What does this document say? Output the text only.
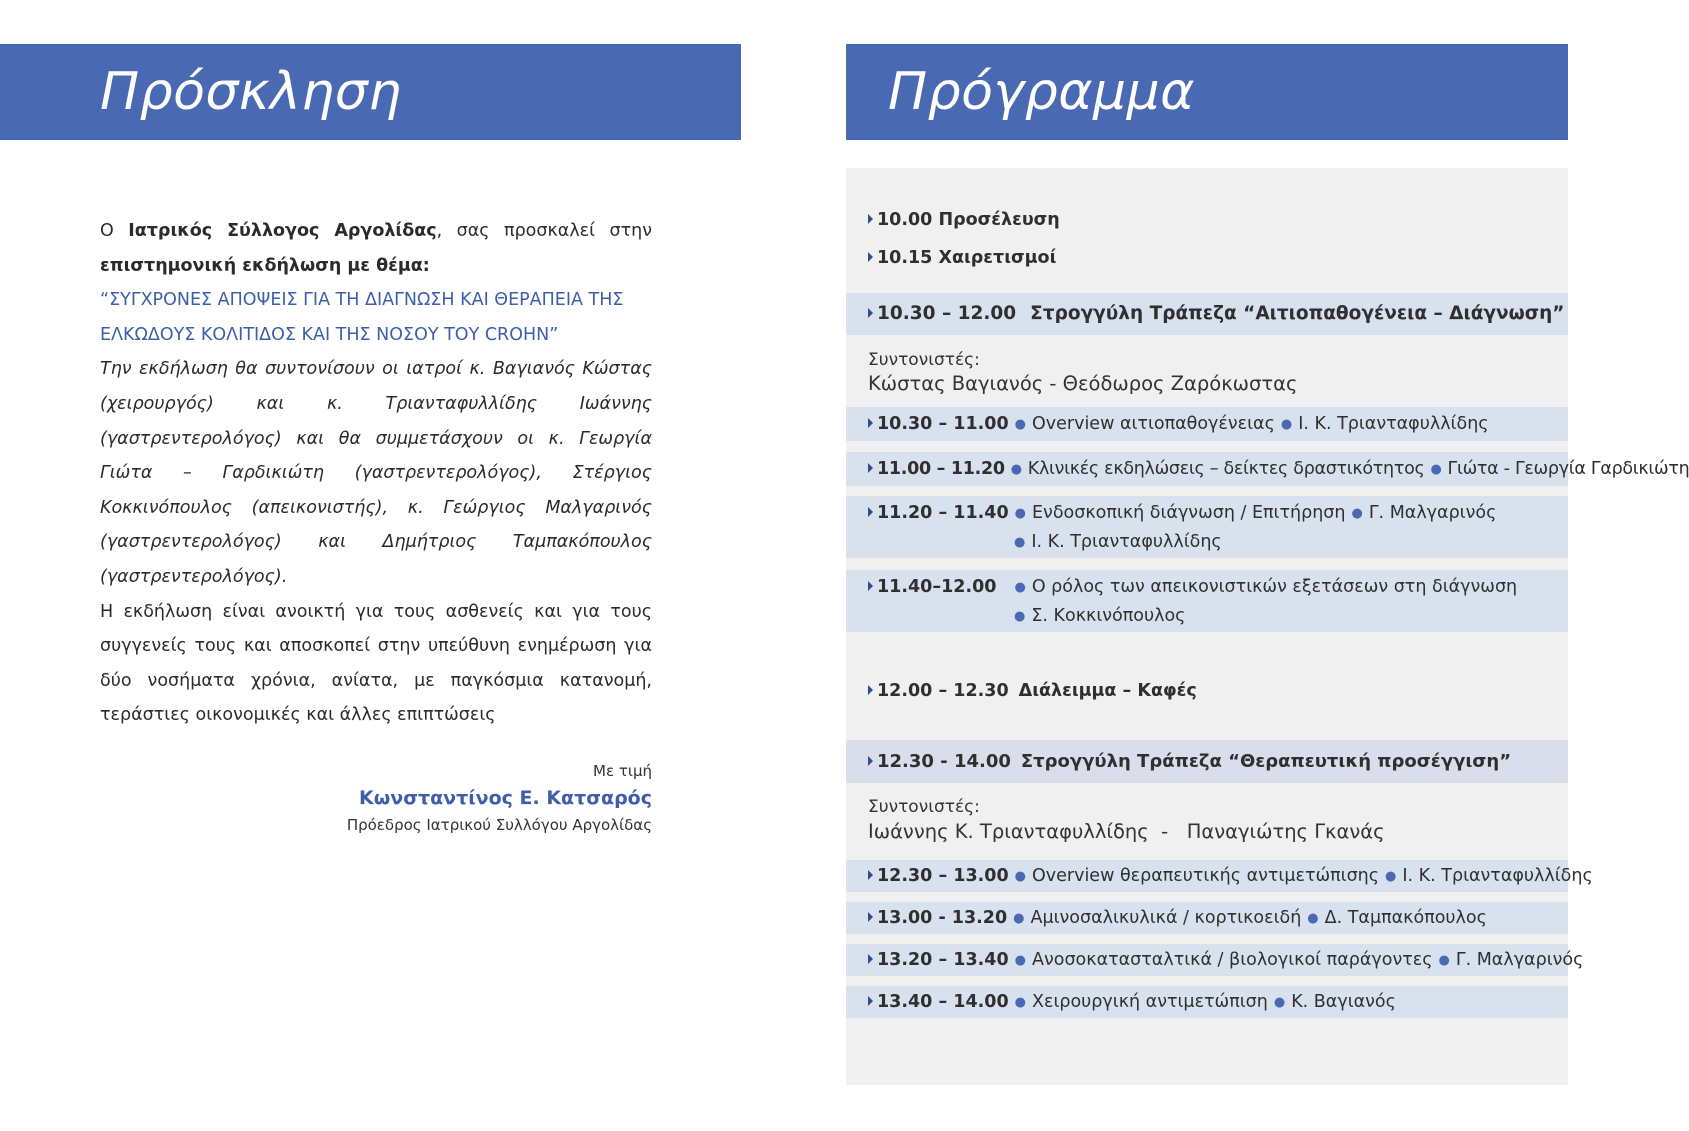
Πρόσκληση

Ο Ιατρικός Σύλλογος Αργολίδας, σας προσκαλεί στην επιστημονική εκδήλωση με θέμα:

“ΣΥΓΧΡΟΝΕΣ ΑΠΟΨΕΙΣ ΓΙΑ ΤΗ ΔΙΑΓΝΩΣΗ ΚΑΙ ΘΕΡΑΠΕΙΑ ΤΗΣ ΕΛΚΩΔΟΥΣ ΚΟΛΙΤΙΔΟΣ ΚΑΙ ΤΗΣ ΝΟΣΟΥ ΤΟΥ CROHN”

Την εκδήλωση θα συντονίσουν οι ιατροί κ. Βαγιανός Κώστας (χειρουργός) και κ. Τριανταφυλλίδης Ιωάννης (γαστρεντερολόγος) και θα συμμετάσχουν οι κ. Γεωργία Γιώτα – Γαρδικιώτη (γαστρεντερολόγος), Στέργιος Κοκκινόπουλος (απεικονιστής), κ. Γεώργιος Μαλγαρινός (γαστρεντερολόγος) και Δημήτριος Ταμπακόπουλος (γαστρεντερολόγος).

Η εκδήλωση είναι ανοικτή για τους ασθενείς και για τους συγγενείς τους και αποσκοπεί στην υπεύθυνη ενημέρωση για δύο νοσήματα χρόνια, ανίατα, με παγκόσμια κατανομή, τεράστιες οικονομικές και άλλες επιπτώσεις

Με τιμή
Κωνσταντίνος Ε. Κατσαρός
Πρόεδρος Ιατρικού Συλλόγου Αργολίδας
Πρόγραμμα
10.00 Προσέλευση
10.15 Χαιρετισμοί
10.30 – 12.00 Στρογγύλη Τράπεζα “Αιτιοπαθογένεια – Διάγνωση”
Συντονιστές:
Κώστας Βαγιανός - Θεόδωρος Ζαρόκωστας
10.30 – 11.00 ● Overview αιτιοπαθογένειας ● Ι. Κ. Τριανταφυλλίδης
11.00 – 11.20 ● Κλινικές εκδηλώσεις – δείκτες δραστικότητος ● Γιώτα - Γεωργία Γαρδικιώτη
11.20 – 11.40 ● Ενδοσκοπική διάγνωση / Επιτήρηση ● Γ. Μαλγαρινός
● Ι. Κ. Τριανταφυλλίδης
11.40–12.00 ● Ο ρόλος των απεικονιστικών εξετάσεων στη διάγνωση
● Σ. Κοκκινόπουλος
12.00 – 12.30 Διάλειμμα – Καφές
12.30 - 14.00 Στρογγύλη Τράπεζα “Θεραπευτική προσέγγιση”
Συντονιστές:
Ιωάννης Κ. Τριανταφυλλίδης  -   Παναγιώτης Γκανάς
12.30 – 13.00 ● Overview θεραπευτικής αντιμετώπισης ● Ι. Κ. Τριανταφυλλίδης
13.00 - 13.20 ● Αμινοσαλικυλικά / κορτικοειδή ● Δ. Ταμπακόπουλος
13.20 – 13.40 ● Ανοσοκατασταλτικά / βιολογικοί παράγοντες ● Γ. Μαλγαρινός
13.40 – 14.00 ● Χειρουργική αντιμετώπιση ● Κ. Βαγιανός
